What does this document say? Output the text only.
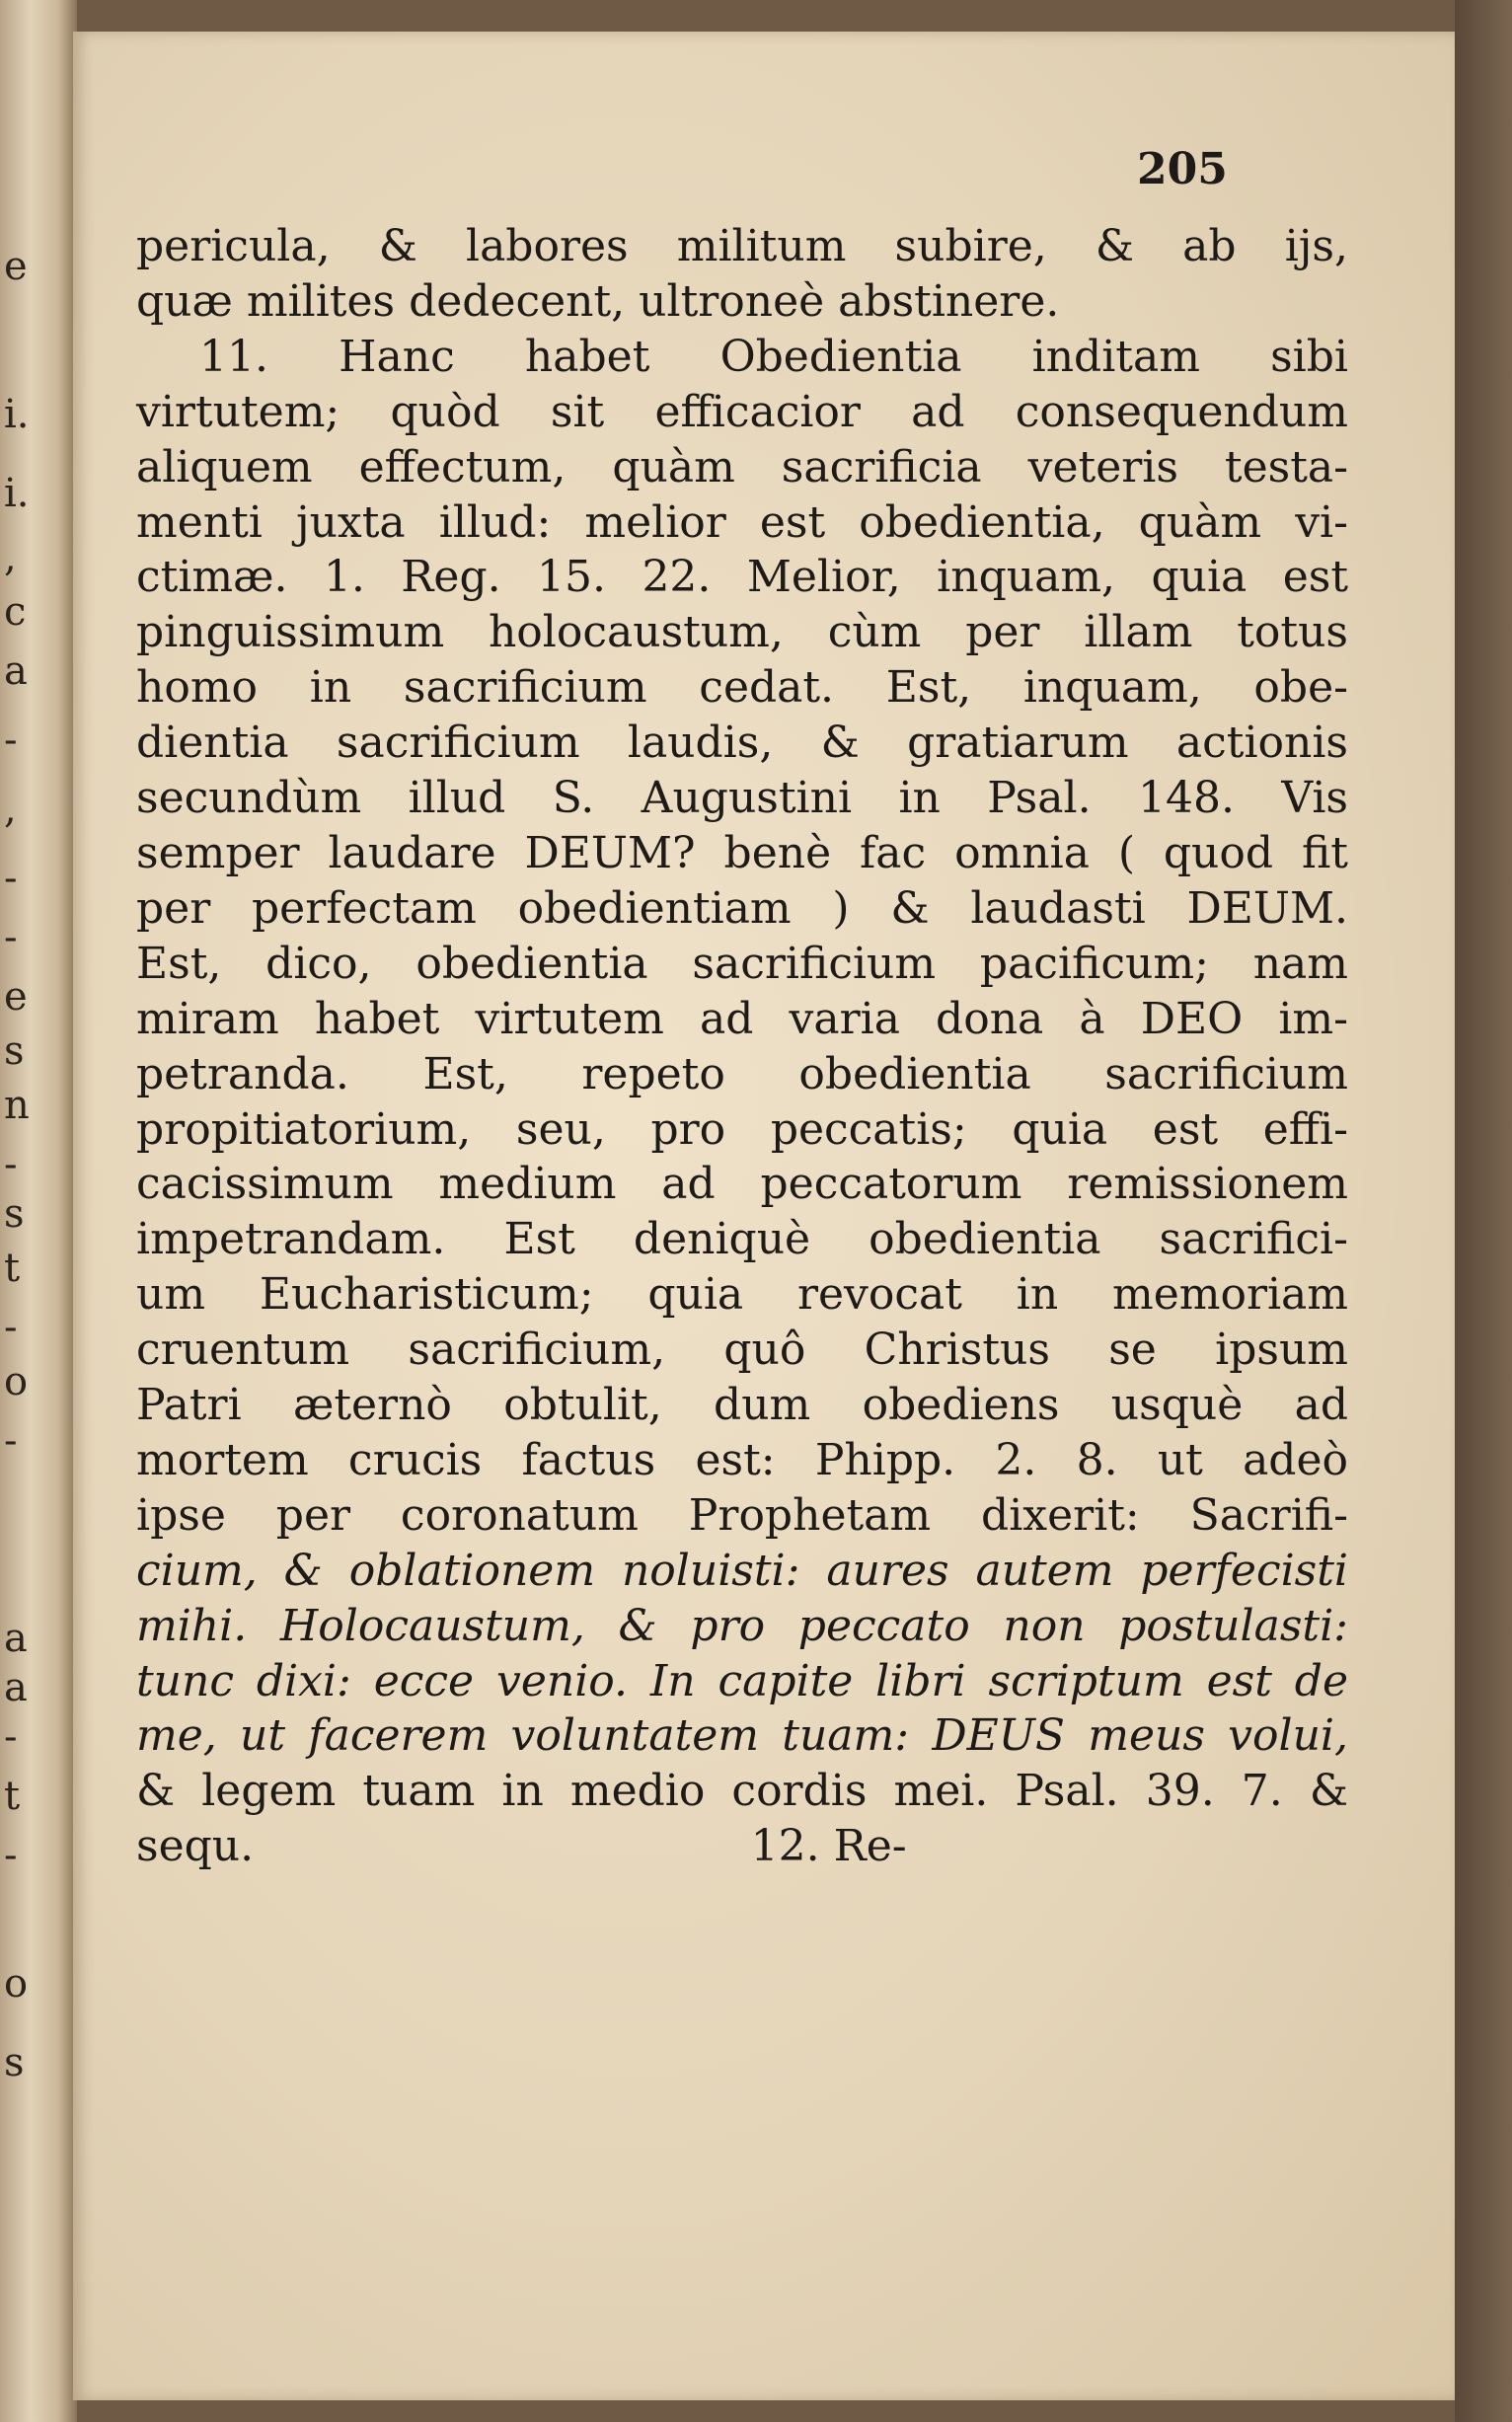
e
i.
i.
,
c
a
-
,
-
-
e
s
n
-
s
t
-
o
-
a
a
-
t
-
o
s
205
pericula, & labores militum subire, & ab ijs,
quæ milites dedecent, ultroneè abstinere.
11. Hanc habet Obedientia inditam sibi
virtutem; quòd sit efficacior ad consequendum
aliquem effectum, quàm sacrificia veteris testa-
menti juxta illud: melior est obedientia, quàm vi-
ctimæ. 1. Reg. 15. 22. Melior, inquam, quia est
pinguissimum holocaustum, cùm per illam totus
homo in sacrificium cedat. Est, inquam, obe-
dientia sacrificium laudis, & gratiarum actionis
secundùm illud S. Augustini in Psal. 148. Vis
semper laudare DEUM? benè fac omnia ( quod fit
per perfectam obedientiam ) & laudasti DEUM.
Est, dico, obedientia sacrificium pacificum; nam
miram habet virtutem ad varia dona à DEO im-
petranda. Est, repeto obedientia sacrificium
propitiatorium, seu, pro peccatis; quia est effi-
cacissimum medium ad peccatorum remissionem
impetrandam. Est deniquè obedientia sacrifici-
um Eucharisticum; quia revocat in memoriam
cruentum sacrificium, quô Christus se ipsum
Patri æternò obtulit, dum obediens usquè ad
mortem crucis factus est: Phipp. 2. 8. ut adeò
ipse per coronatum Prophetam dixerit: Sacrifi-
cium, & oblationem noluisti: aures autem perfecisti
mihi. Holocaustum, & pro peccato non postulasti:
tunc dixi: ecce venio. In capite libri scriptum est de
me, ut facerem voluntatem tuam: DEUS meus volui,
& legem tuam in medio cordis mei. Psal. 39. 7. &
sequ.                                    12. Re-
